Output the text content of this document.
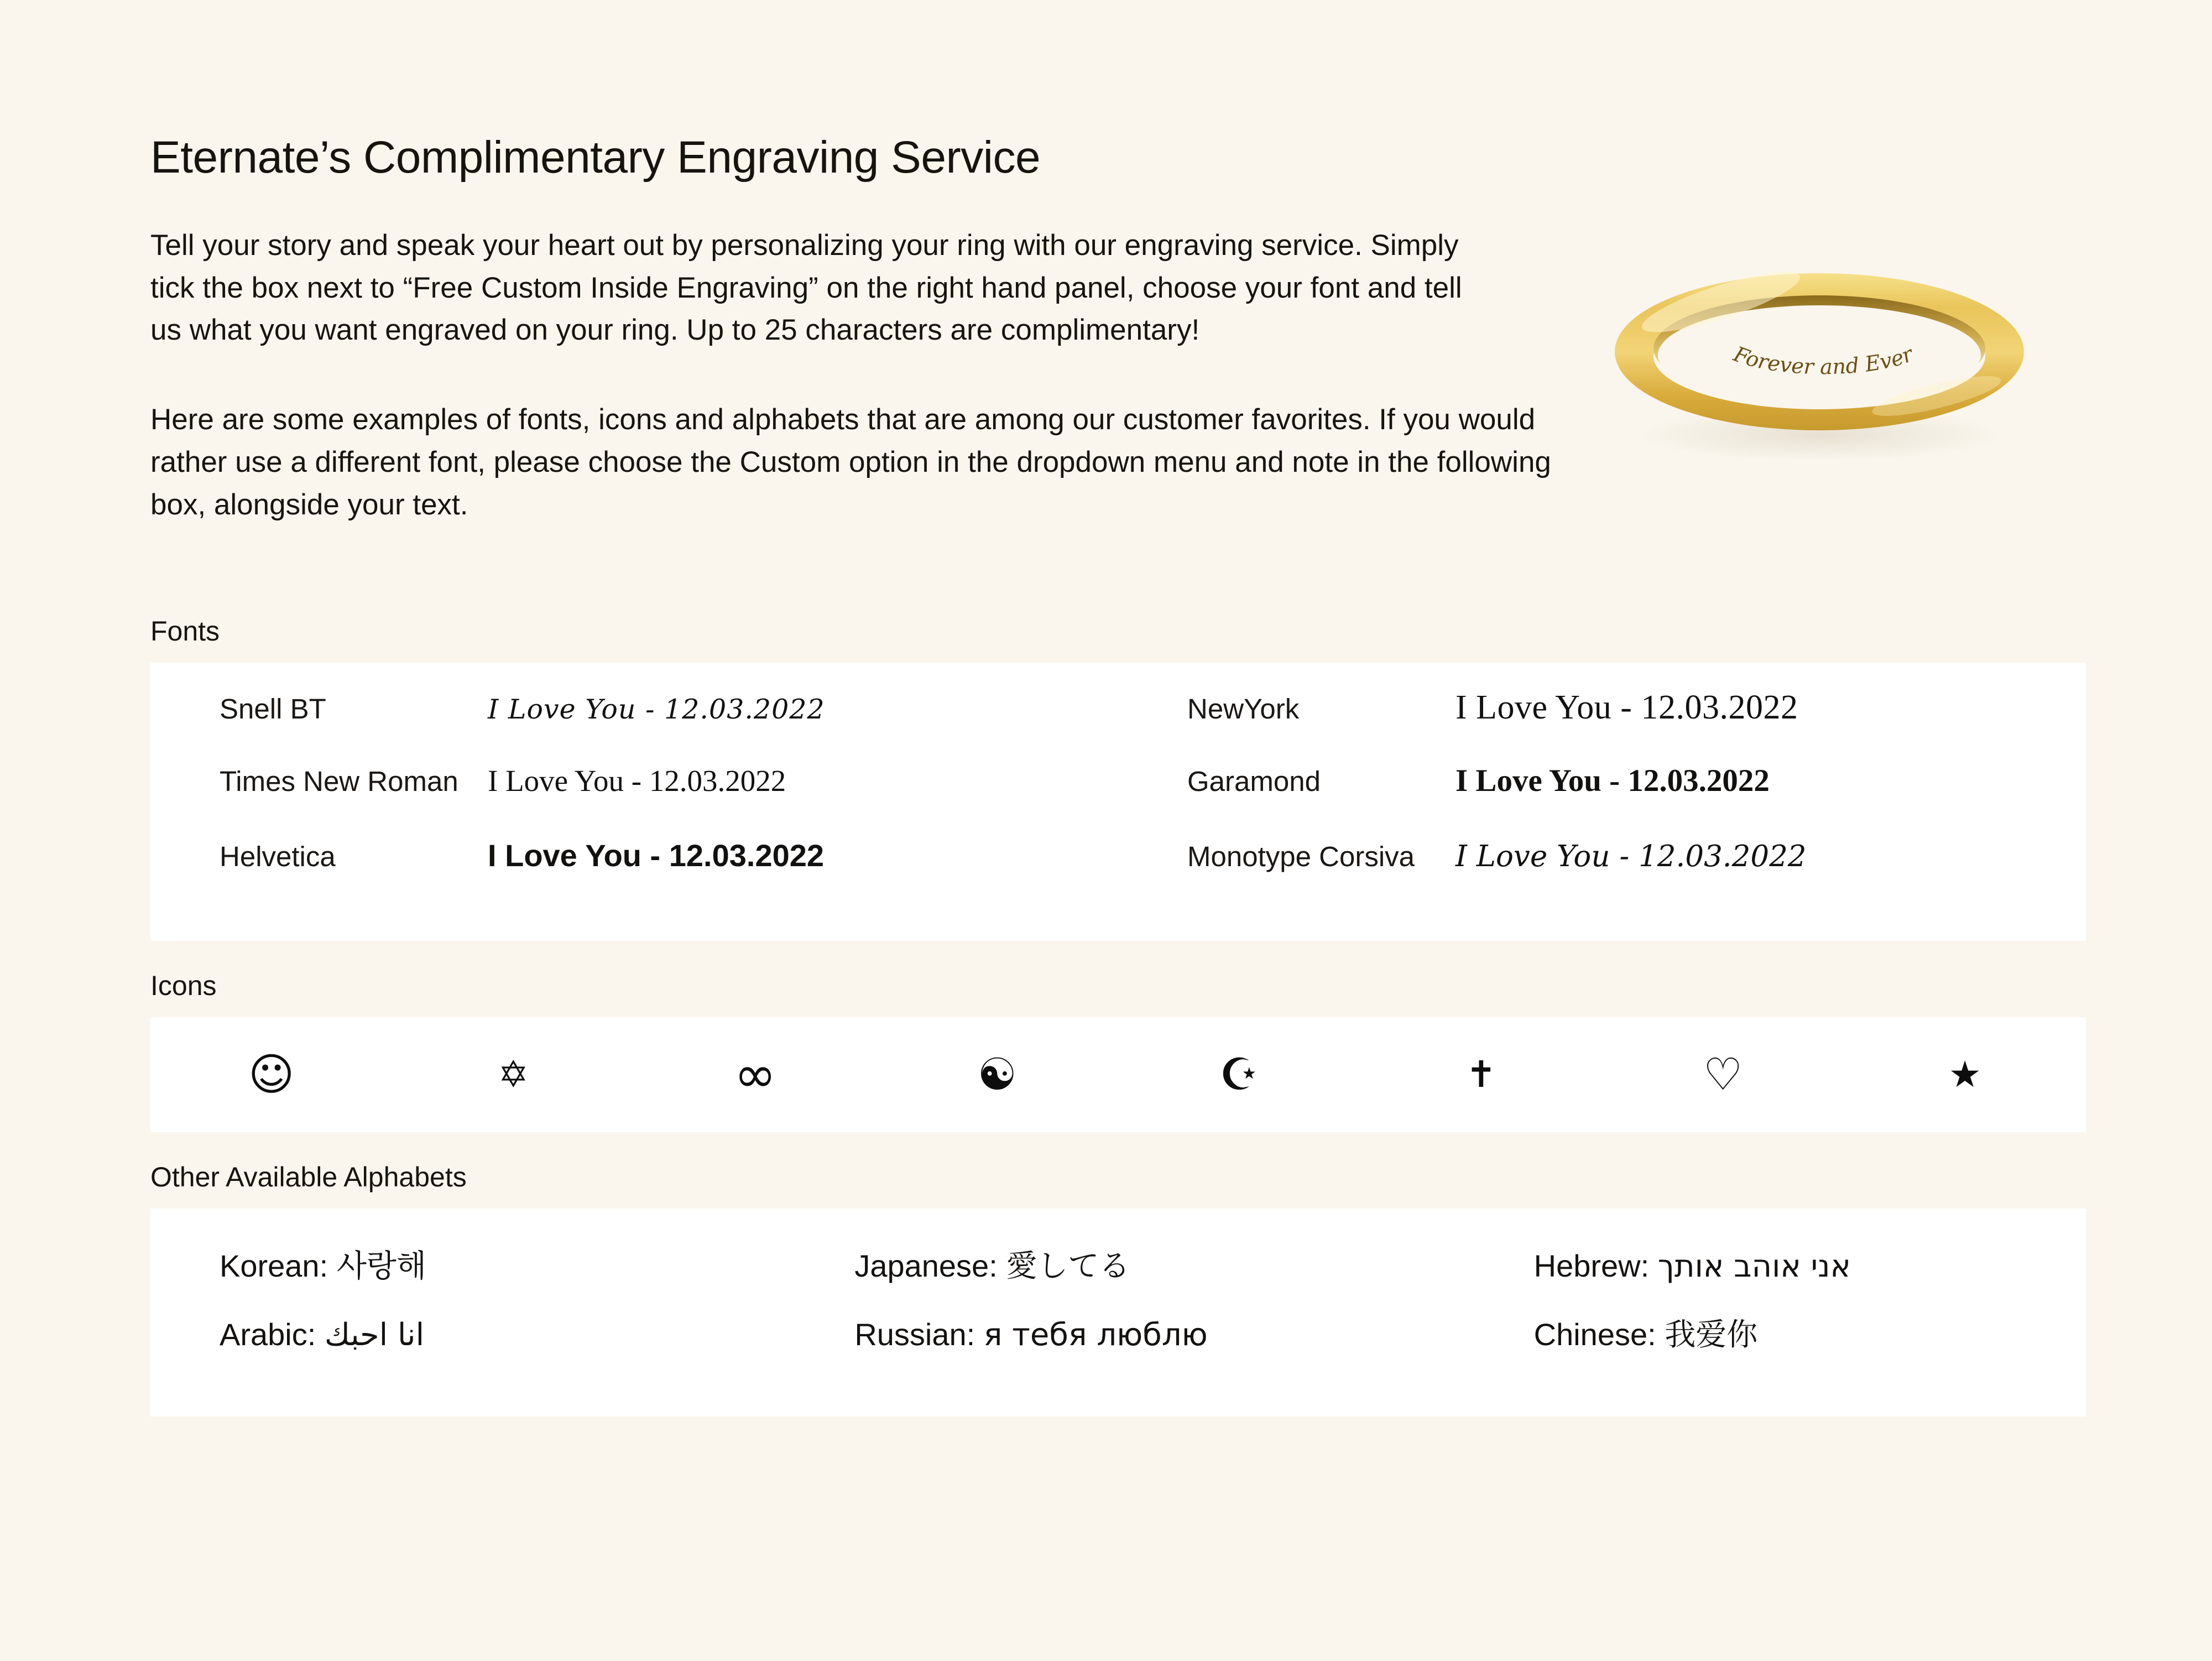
Eternate’s Complimentary Engraving Service
Forever and Ever

Tell your story and speak your heart out by personalizing your ring with our engraving service. Simply tick the box next to “Free Custom Inside Engraving” on the right hand panel, choose your font and tell us what you want engraved on your ring. Up to 25 characters are complimentary!

Here are some examples of fonts, icons and alphabets that are among our customer favorites. If you would
rather use a different font, please choose the Custom option in the dropdown menu and note in the following
box, alongside your text.
Fonts
Snell BT	I Love You - 12.03.2022	NewYork	I Love You - 12.03.2022
Times New Roman I Love You - 12.03.2022	Garamond	I Love You - 12.03.2022
Helvetica	I Love You - 12.03.2022	Monotype Corsiva	I Love You - 12.03.2022
Icons
☺	✡	∞	☯	☪	✝	♡	★
Other Available Alphabets
Korean: 사랑해	Japanese: 愛してる	Hebrew: אני אוהב אותך
Arabic: انا احبك	Russian: я тебя люблю	Chinese: 我爱你
